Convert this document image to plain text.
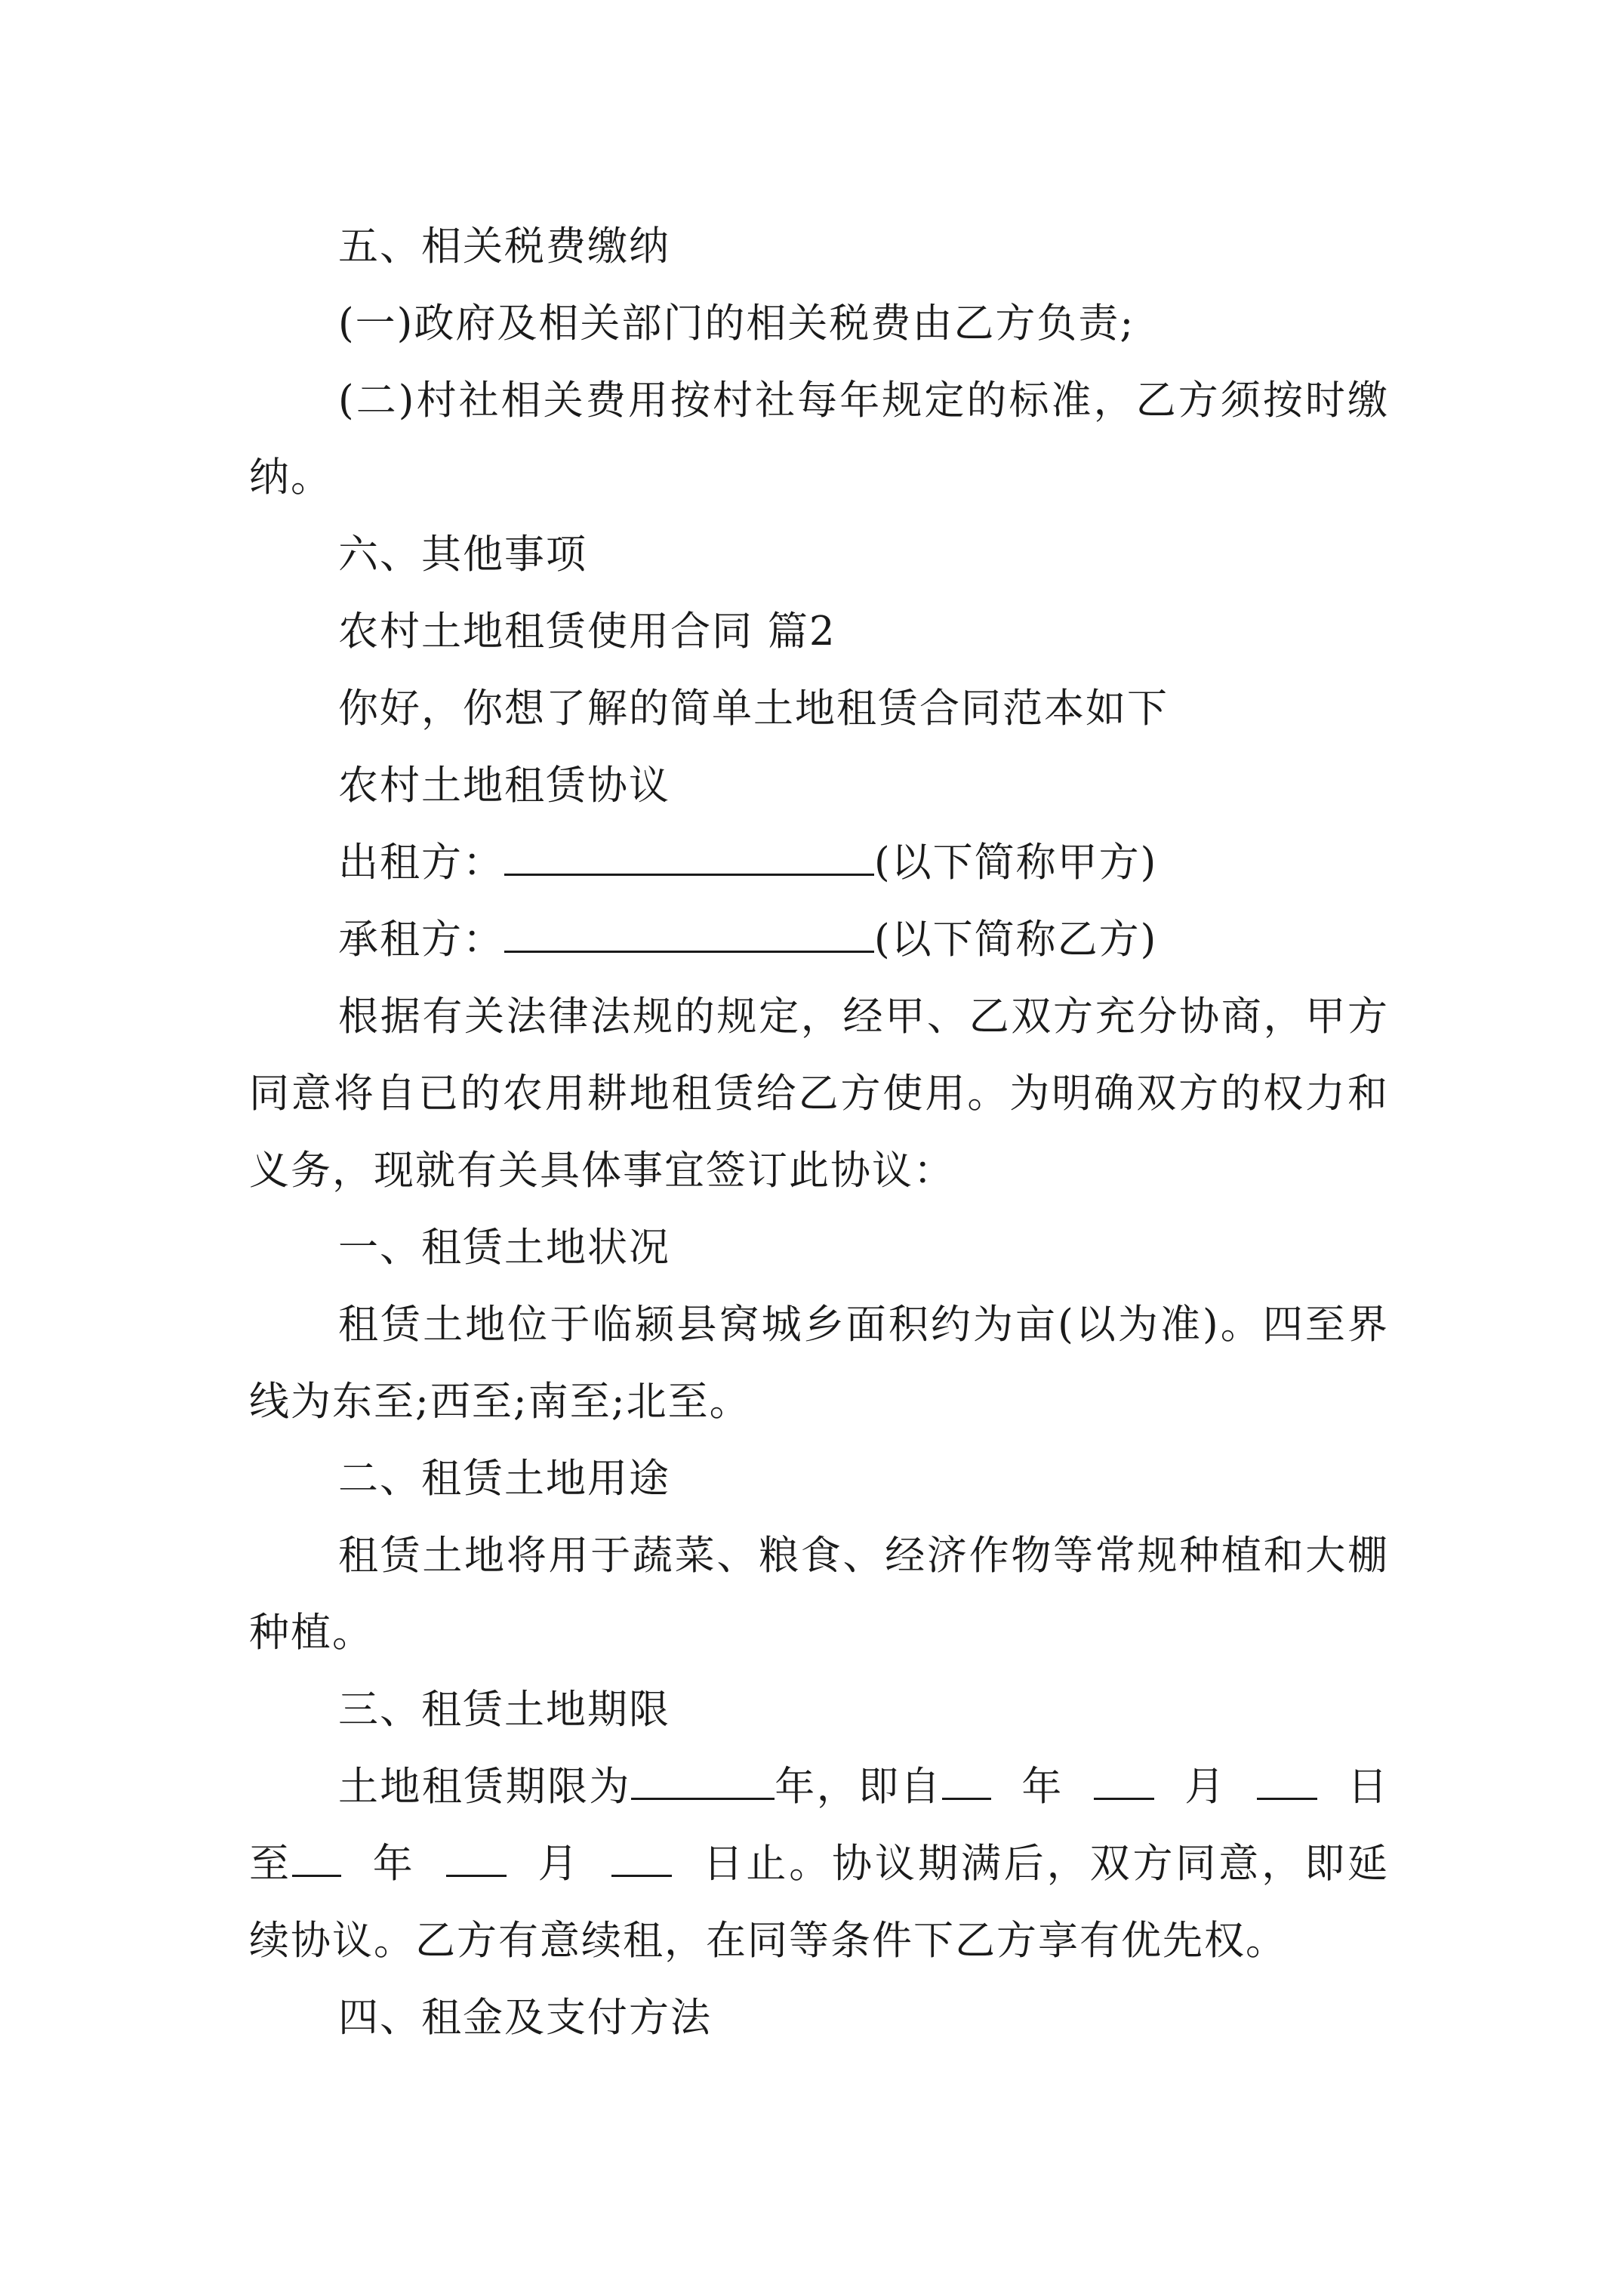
五、相关税费缴纳

(一)政府及相关部门的相关税费由乙方负责;

(二)村社相关费用按村社每年规定的标准，乙方须按时缴纳。

六、其他事项

农村土地租赁使用合同 篇2

你好，你想了解的简单土地租赁合同范本如下

农村土地租赁协议

出租方：	(以下简称甲方)

承租方：	(以下简称乙方)

根据有关法律法规的规定，经甲、乙双方充分协商，甲方同意将自已的农用耕地租赁给乙方使用。为明确双方的权力和义务，现就有关具体事宜签订此协议：

一、租赁土地状况

租赁土地位于临颍县窝城乡面积约为亩(以为准)。四至界线为东至;西至;南至;北至。

二、租赁土地用途

租赁土地将用于蔬菜、粮食、经济作物等常规种植和大棚种植。

三、租赁土地期限

土地租赁期限为	年，即自 年	月	日至 年	月	日止。协议期满后，双方同意，即延续协议。乙方有意续租，在同等条件下乙方享有优先权。

四、租金及支付方法
